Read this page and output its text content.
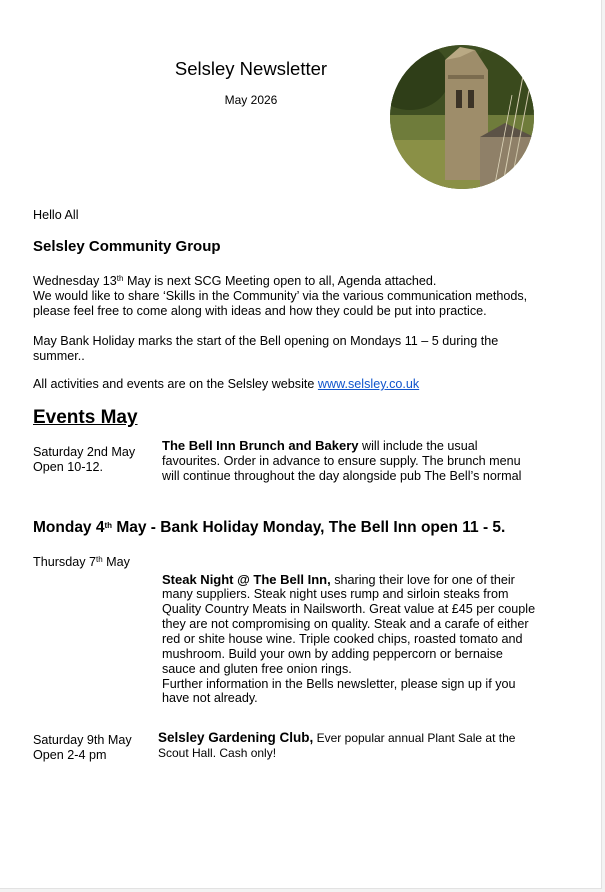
Selsley Newsletter
May 2026
Hello All
Selsley Community Group
Wednesday 13th May is next SCG Meeting open to all, Agenda attached.
We would like to share ‘Skills in the Community’ via the various communication methods,
please feel free to come along with ideas and how they could be put into practice.
May Bank Holiday marks the start of the Bell opening on Mondays 11 – 5 during the
summer..
All activities and events are on the Selsley website www.selsley.co.uk
Events May
Saturday 2nd May
Open 10-12.
The Bell Inn Brunch and Bakery will include the usual
favourites. Order in advance to ensure supply. The brunch menu
will continue throughout the day alongside pub The Bell’s normal
Monday 4th May - Bank Holiday Monday, The Bell Inn open 11 - 5.
Thursday 7th May
Steak Night @ The Bell Inn, sharing their love for one of their
many suppliers. Steak night uses rump and sirloin steaks from
Quality Country Meats in Nailsworth. Great value at £45 per couple
they are not compromising on quality. Steak and a carafe of either
red or shite house wine. Triple cooked chips, roasted tomato and
mushroom. Build your own by adding peppercorn or bernaise
sauce and gluten free onion rings.
Further information in the Bells newsletter, please sign up if you
have not already.
Saturday 9th May
Open 2-4 pm
Selsley Gardening Club, Ever popular annual Plant Sale at the
Scout Hall. Cash only!
